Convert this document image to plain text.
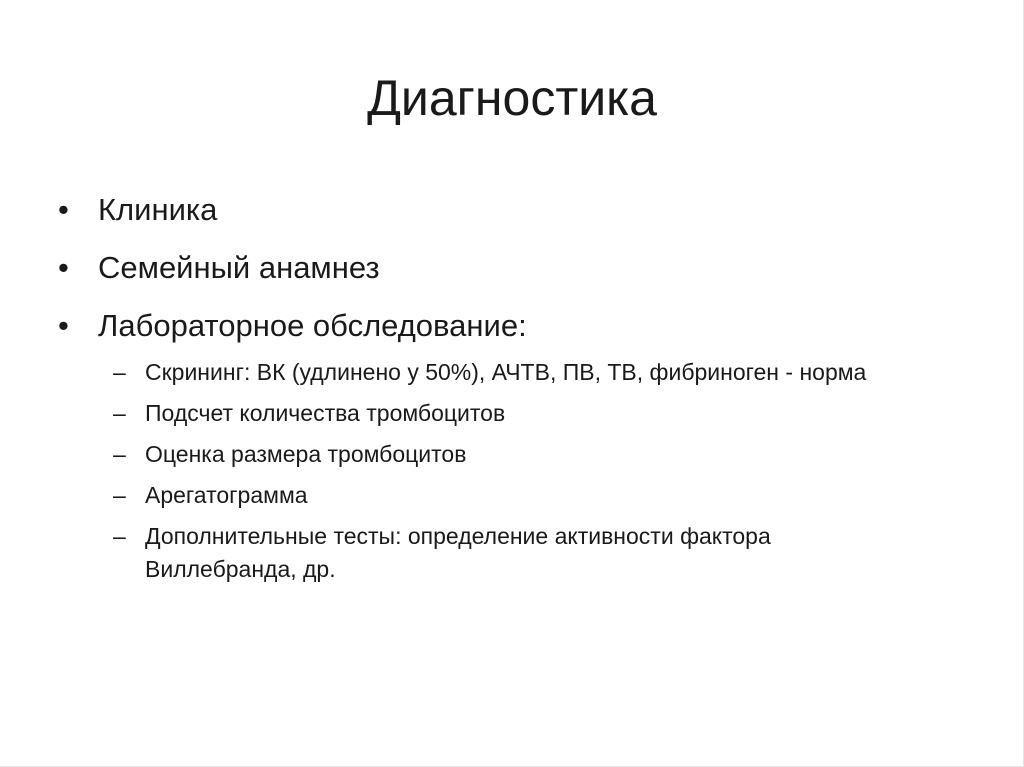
Диагностика
• Клиника
• Семейный анамнез
• Лабораторное обследование:
– Скрининг: ВК (удлинено у 50%), АЧТВ, ПВ, ТВ, фибриноген - норма
– Подсчет количества тромбоцитов
– Оценка размера тромбоцитов
– Арегатограмма
– Дополнительные тесты: определение активности фактора Виллебранда, др.
